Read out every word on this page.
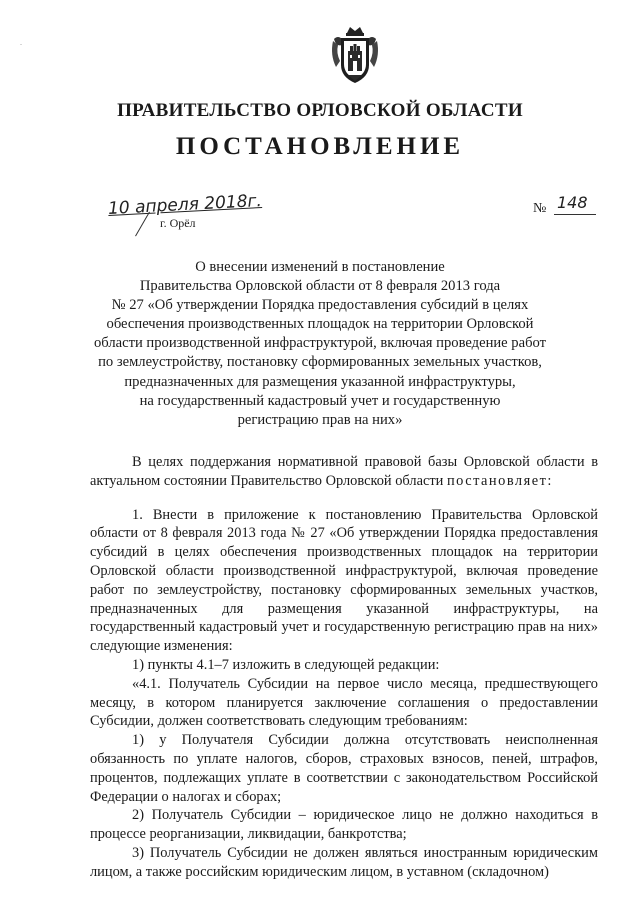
.
ПРАВИТЕЛЬСТВО ОРЛОВСКОЙ ОБЛАСТИ
ПОСТАНОВЛЕНИЕ
10 апреля 2018г.
г. Орёл
№ 148
О внесении изменений в постановление
Правительства Орловской области от 8 февраля 2013 года
№ 27 «Об утверждении Порядка предоставления субсидий в целях
обеспечения производственных площадок на территории Орловской
области производственной инфраструктурой, включая проведение работ
по землеустройству, постановку сформированных земельных участков,
предназначенных для размещения указанной инфраструктуры,
на государственный кадастровый учет и государственную
регистрацию прав на них»

В целях поддержания нормативной правовой базы Орловской области в актуальном состоянии Правительство Орловской области постановляет:

1. Внести в приложение к постановлению Правительства Орловской области от 8 февраля 2013 года № 27 «Об утверждении Порядка предоставления субсидий в целях обеспечения производственных площадок на территории Орловской области производственной инфраструктурой, включая проведение работ по землеустройству, постановку сформированных земельных участков, предназначенных для размещения указанной инфраструктуры, на государственный кадастровый учет и государственную регистрацию прав на них» следующие изменения:

1) пункты 4.1–7 изложить в следующей редакции:

«4.1. Получатель Субсидии на первое число месяца, предшествующего месяцу, в котором планируется заключение соглашения о предоставлении Субсидии, должен соответствовать следующим требованиям:

1) у Получателя Субсидии должна отсутствовать неисполненная обязанность по уплате налогов, сборов, страховых взносов, пеней, штрафов, процентов, подлежащих уплате в соответствии с законодательством Российской Федерации о налогах и сборах;

2) Получатель Субсидии – юридическое лицо не должно находиться в процессе реорганизации, ликвидации, банкротства;

3) Получатель Субсидии не должен являться иностранным юридическим лицом, а также российским юридическим лицом, в уставном (складочном)
